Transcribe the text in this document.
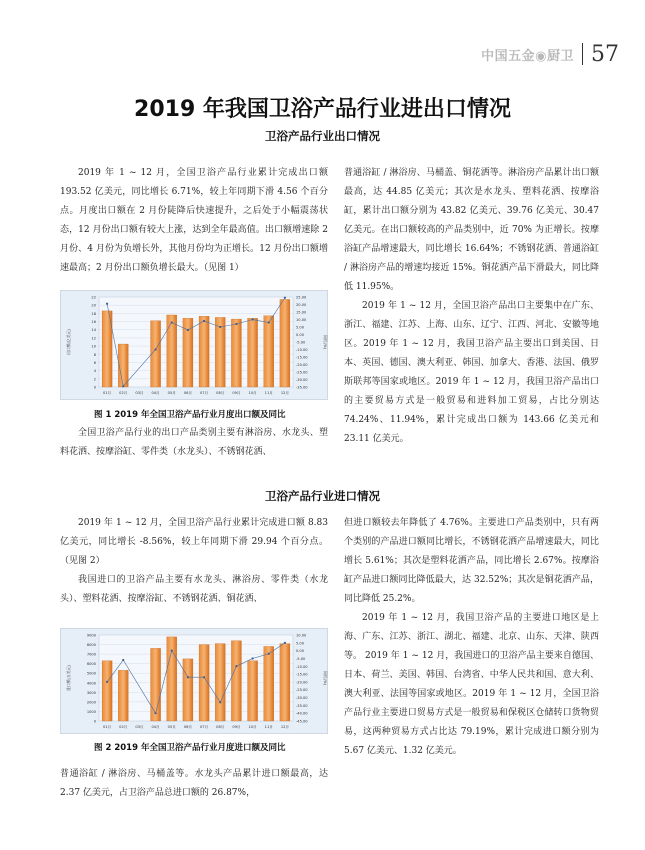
中国五金◉厨卫 57
2019 年我国卫浴产品行业进出口情况
卫浴产品行业出口情况

2019 年 1 ~ 12 月，全国卫浴产品行业累计完成出口额 193.52 亿美元，同比增长 6.71%，较上年同期下滑 4.56 个百分点。月度出口额在 2 月份陡降后快速提升，之后处于小幅震荡状态，12 月份出口额有较大上涨，达到全年最高值。出口额增速除 2 月份、4 月份为负增长外，其他月份均为正增长。12 月份出口额增速最高；2 月份出口额负增长最大。（见图 1）

0
2
4
6
8
10
12
14
16
18
20
22	25.00
20.00
15.00
10.00
5.00
0.00
-5.00
-10.00
-15.00
-20.00
-25.00
-30.00
-35.00
出口额(亿美元)	同比(%)
01月 02月 03月 04月 05月 06月 07月 08月 09月 10月 11月 12月
图 1 2019 年全国卫浴产品行业月度出口额及同比

全国卫浴产品行业的出口产品类别主要有淋浴房、水龙头、塑料花洒、按摩浴缸、零件类（水龙头）、不锈钢花洒、

普通浴缸 / 淋浴房、马桶盖、铜花洒等。淋浴房产品累计出口额最高，达 44.85 亿美元；其次是水龙头、塑料花洒、按摩浴缸，累计出口额分别为 43.82 亿美元、39.76 亿美元、30.47 亿美元。在出口额较高的产品类别中，近 70% 为正增长。按摩浴缸产品增速最大，同比增长 16.64%；不锈钢花洒、普通浴缸 / 淋浴房产品的增速均接近 15%。铜花洒产品下滑最大，同比降低 11.95%。

2019 年 1 ~ 12 月，全国卫浴产品出口主要集中在广东、浙江、福建、江苏、上海、山东、辽宁、江西、河北、安徽等地区。2019 年 1 ~ 12 月，我国卫浴产品主要出口到美国、日本、英国、德国、澳大利亚、韩国、加拿大、香港、法国、俄罗斯联邦等国家或地区。2019 年 1 ~ 12 月，我国卫浴产品出口的主要贸易方式是一般贸易和进料加工贸易，占比分别达 74.24%、11.94%，累计完成出口额为 143.66 亿美元和 23.11 亿美元。

卫浴产品行业进口情况

2019 年 1 ~ 12 月，全国卫浴产品行业累计完成进口额 8.83 亿美元，同比增长 -8.56%，较上年同期下滑 29.94 个百分点。（见图 2）

我国进口的卫浴产品主要有水龙头、淋浴房、零件类（水龙头）、塑料花洒、按摩浴缸、不锈钢花洒、铜花洒、

0
1000
2000
3000
4000
5000
6000
7000
8000
9000	10.00
5.00
0.00
-5.00
-10.00
-15.00
-20.00
-25.00
-30.00
-35.00
-40.00
-45.00
进口额(万美元)	同比(%)
01月 02月 03月 04月 05月 06月 07月 08月 09月 10月 11月 12月
图 2 2019 年全国卫浴产品行业月度进口额及同比

普通浴缸 / 淋浴房、马桶盖等。水龙头产品累计进口额最高，达 2.37 亿美元，占卫浴产品总进口额的 26.87%，

但进口额较去年降低了 4.76%。主要进口产品类别中，只有两个类别的产品进口额同比增长，不锈钢花洒产品增速最大，同比增长 5.61%；其次是塑料花洒产品，同比增长 2.67%。按摩浴缸产品进口额同比降低最大，达 32.52%；其次是铜花洒产品，同比降低 25.2%。

2019 年 1 ~ 12 月，我国卫浴产品的主要进口地区是上海、广东、江苏、浙江、湖北、福建、北京、山东、天津、陕西等。 2019 年 1 ~ 12 月，我国进口的卫浴产品主要来自德国、日本、荷兰、美国、韩国、台湾省、中华人民共和国、意大利、澳大利亚、法国等国家或地区。2019 年 1 ~ 12 月，全国卫浴产品行业主要进口贸易方式是一般贸易和保税区仓储转口货物贸易，这两种贸易方式占比达 79.19%，累计完成进口额分别为 5.67 亿美元、1.32 亿美元。
